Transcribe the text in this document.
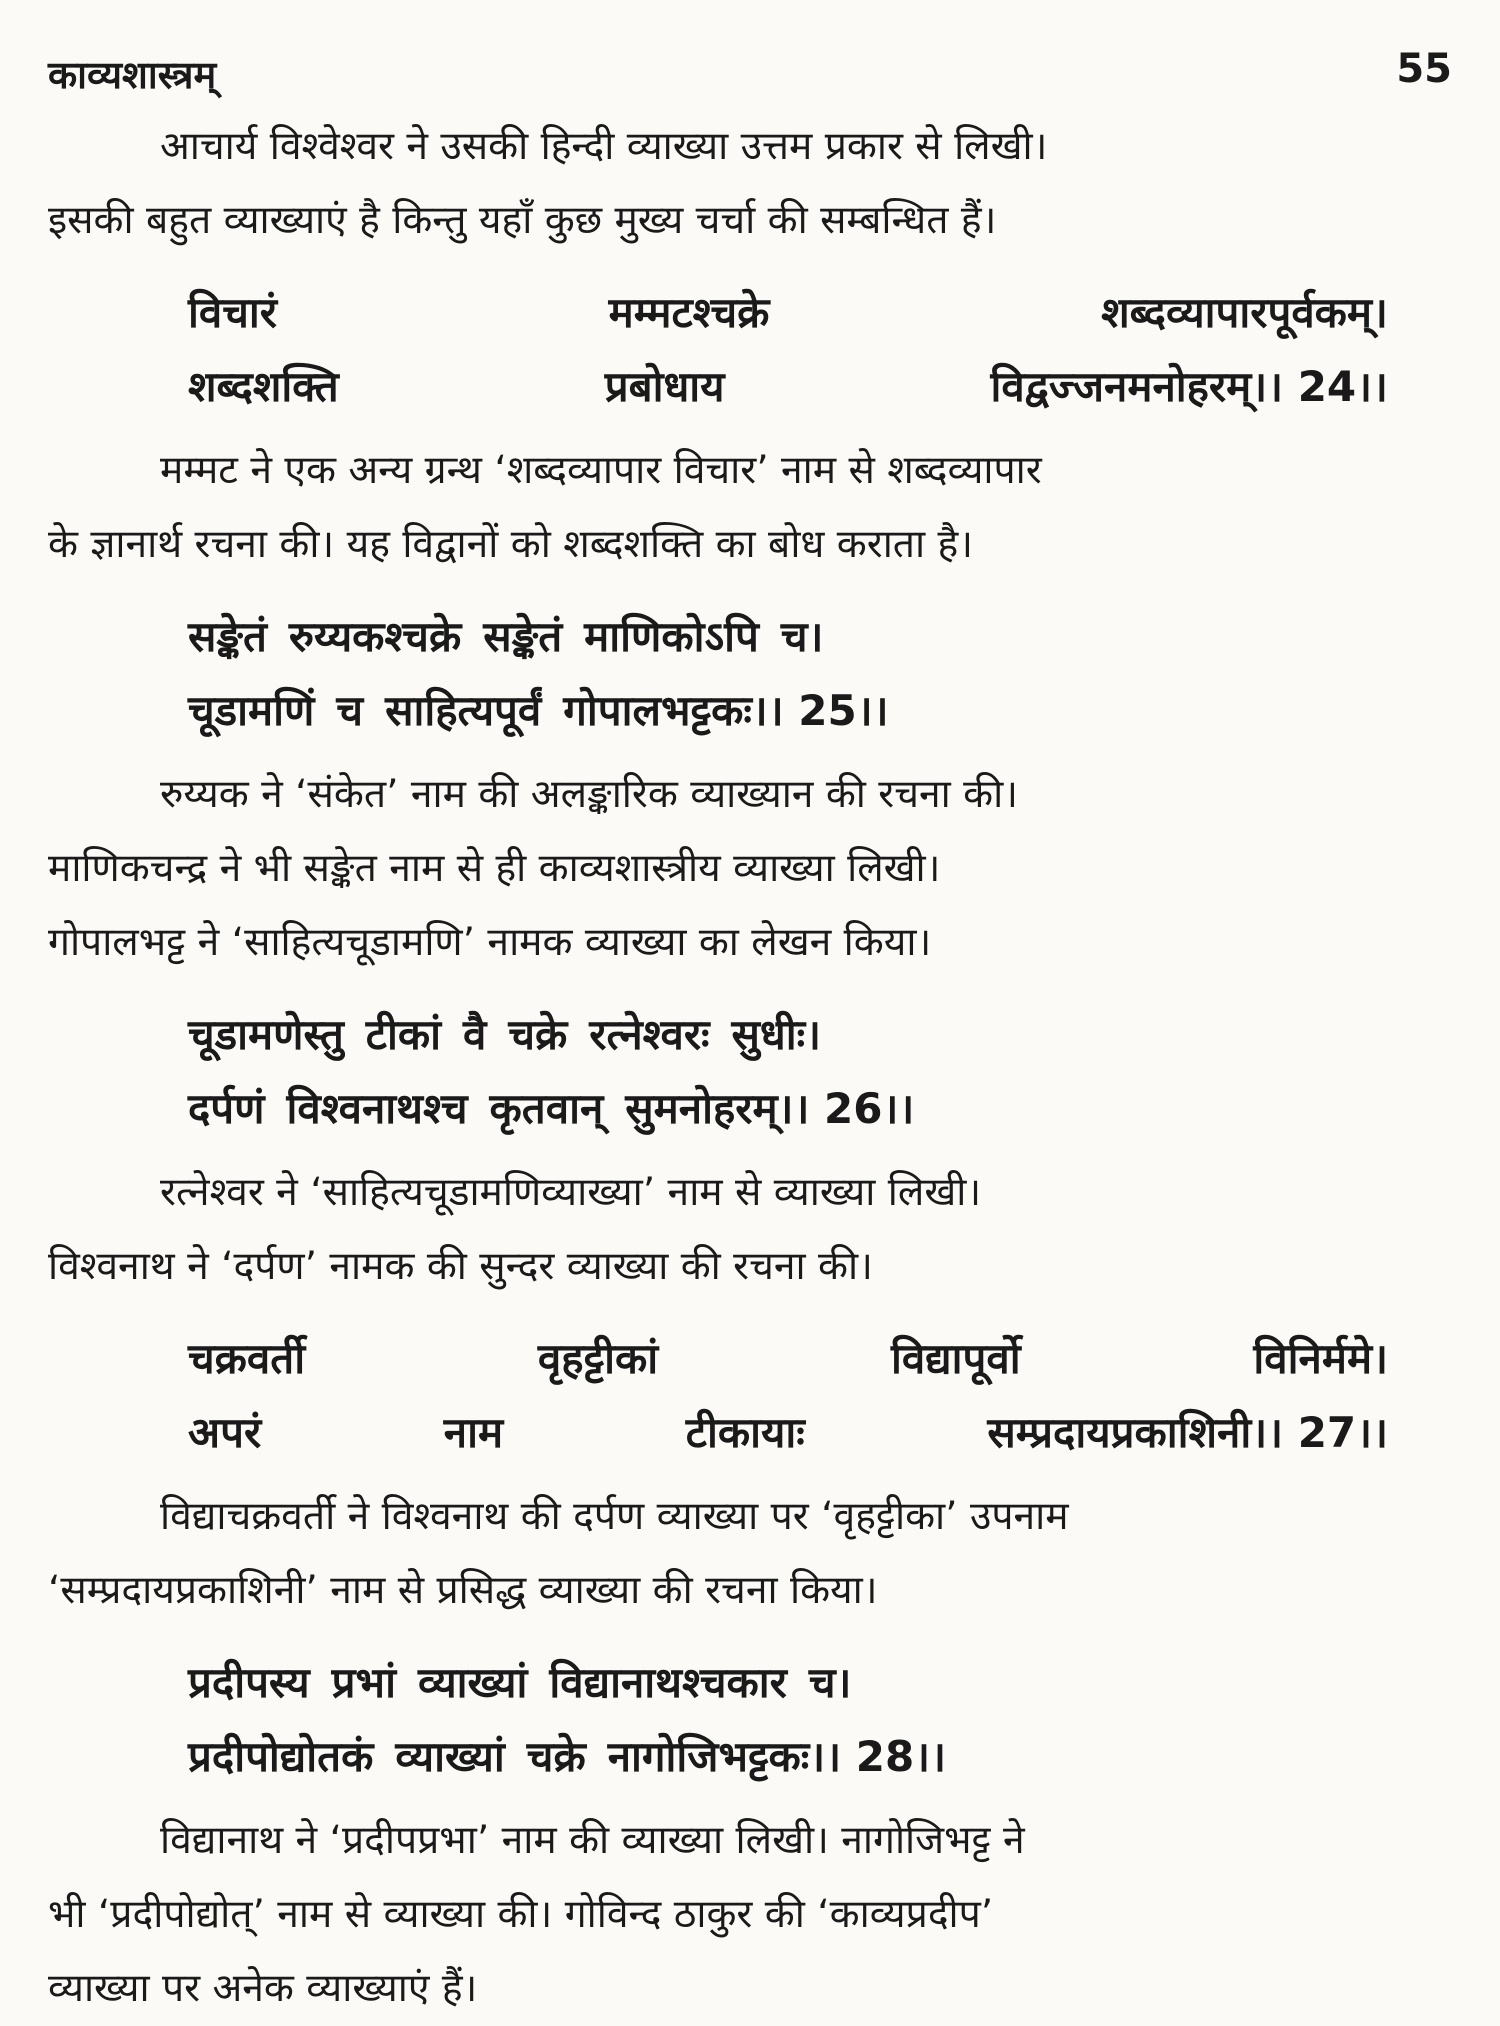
काव्यशास्त्रम्	55

आचार्य विश्वेश्वर ने उसकी हिन्दी व्याख्या उत्तम प्रकार से लिखी।
इसकी बहुत व्याख्याएं है किन्तु यहाँ कुछ मुख्य चर्चा की सम्बन्धित हैं।

विचारं	मम्मटश्चक्रे	शब्दव्यापारपूर्वकम्।
शब्दशक्ति	प्रबोधाय	विद्वज्जनमनोहरम्।। 24।।

मम्मट ने एक अन्य ग्रन्थ ‘शब्दव्यापार विचार’ नाम से शब्दव्यापार
के ज्ञानार्थ रचना की। यह विद्वानों को शब्दशक्ति का बोध कराता है।

सङ्केतं रुय्यकश्चक्रे सङ्केतं माणिकोऽपि च।
चूडामणिं च साहित्यपूर्वं गोपालभट्टकः।। 25।।

रुय्यक ने ‘संकेत’ नाम की अलङ्कारिक व्याख्यान की रचना की।
माणिकचन्द्र ने भी सङ्केत नाम से ही काव्यशास्त्रीय व्याख्या लिखी।
गोपालभट्ट ने ‘साहित्यचूडामणि’ नामक व्याख्या का लेखन किया।

चूडामणेस्तु टीकां वै चक्रे रत्नेश्वरः सुधीः।
दर्पणं विश्वनाथश्च कृतवान् सुमनोहरम्।। 26।।

रत्नेश्वर ने ‘साहित्यचूडामणिव्याख्या’ नाम से व्याख्या लिखी।
विश्वनाथ ने ‘दर्पण’ नामक की सुन्दर व्याख्या की रचना की।

चक्रवर्ती	वृहट्टीकां	विद्यापूर्वो	विनिर्ममे।
अपरं	नाम	टीकायाः	सम्प्रदायप्रकाशिनी।। 27।।

विद्याचक्रवर्ती ने विश्वनाथ की दर्पण व्याख्या पर ‘वृहट्टीका’ उपनाम
‘सम्प्रदायप्रकाशिनी’ नाम से प्रसिद्ध व्याख्या की रचना किया।

प्रदीपस्य प्रभां व्याख्यां विद्यानाथश्चकार च।
प्रदीपोद्योतकं व्याख्यां चक्रे नागोजिभट्टकः।। 28।।

विद्यानाथ ने ‘प्रदीपप्रभा’ नाम की व्याख्या लिखी। नागोजिभट्ट ने
भी ‘प्रदीपोद्योत्’ नाम से व्याख्या की। गोविन्द ठाकुर की ‘काव्यप्रदीप’
व्याख्या पर अनेक व्याख्याएं हैं।
